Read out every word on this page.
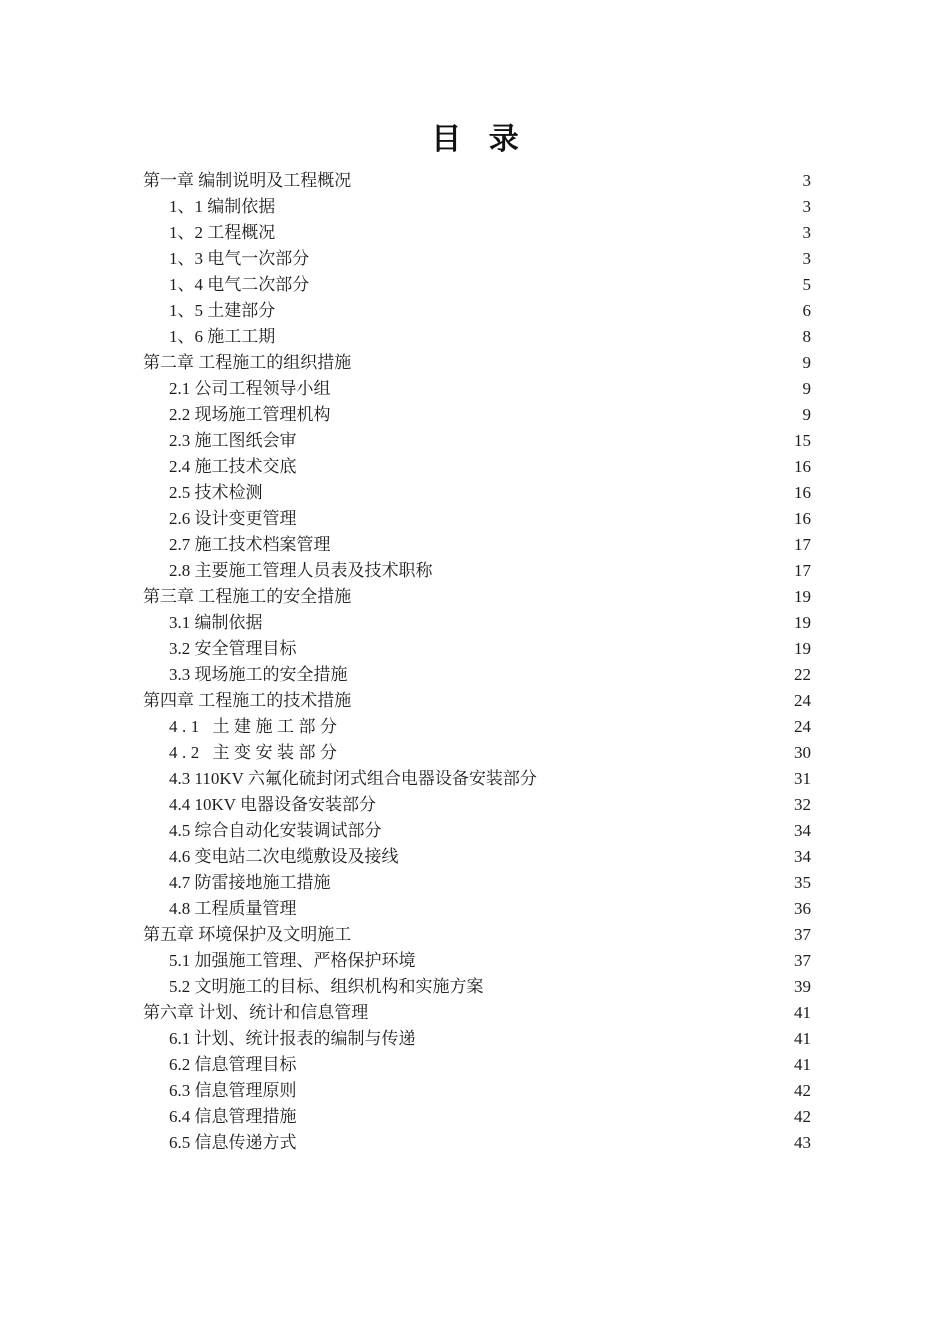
目 录
第一章 编制说明及工程概况	3
1、1 编制依据	3
1、2 工程概况	3
1、3 电气一次部分	3
1、4 电气二次部分	5
1、5 土建部分	6
1、6 施工工期	8
第二章 工程施工的组织措施	9
2.1 公司工程领导小组	9
2.2 现场施工管理机构	9
2.3 施工图纸会审	15
2.4 施工技术交底	16
2.5 技术检测	16
2.6 设计变更管理	16
2.7 施工技术档案管理	17
2.8 主要施工管理人员表及技术职称	17
第三章 工程施工的安全措施	19
3.1 编制依据	19
3.2 安全管理目标	19
3.3 现场施工的安全措施	22
第四章 工程施工的技术措施	24
4.1 土建施工部分	24
4.2 主变安装部分	30
4.3 110KV 六氟化硫封闭式组合电器设备安装部分	31
4.4 10KV 电器设备安装部分	32
4.5 综合自动化安装调试部分	34
4.6 变电站二次电缆敷设及接线	34
4.7 防雷接地施工措施	35
4.8 工程质量管理	36
第五章 环境保护及文明施工	37
5.1 加强施工管理、严格保护环境	37
5.2 文明施工的目标、组织机构和实施方案	39
第六章 计划、统计和信息管理	41
6.1 计划、统计报表的编制与传递	41
6.2 信息管理目标	41
6.3 信息管理原则	42
6.4 信息管理措施	42
6.5 信息传递方式	43
